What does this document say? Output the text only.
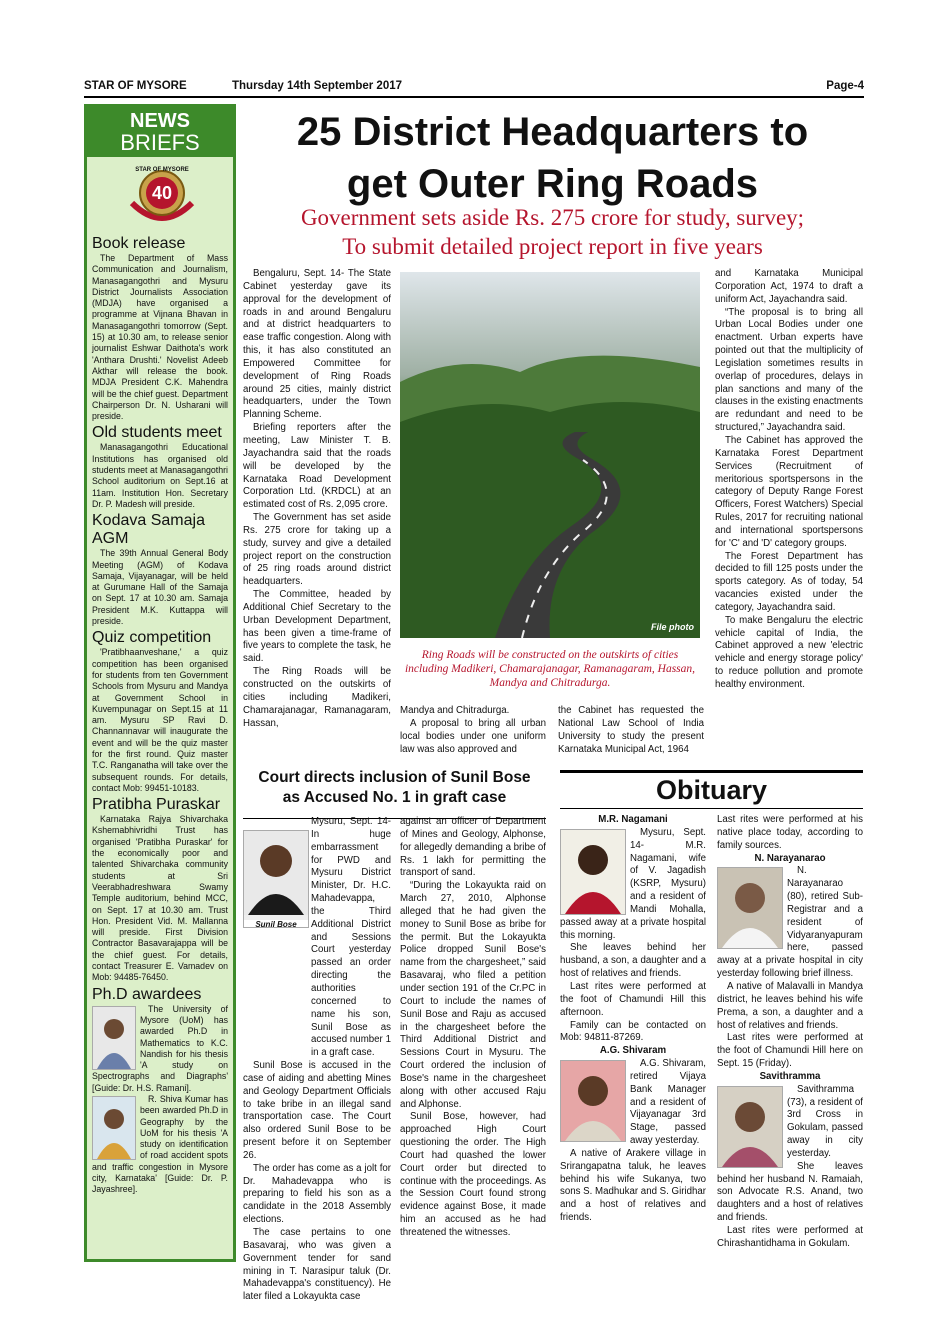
STAR OF MYSORE	Thursday 14th September 2017	Page-4
NEWS
BRIEFS
STAR OF MYSORE
40
Book release

The Department of Mass Communication and Journalism, Manasagangothri and Mysuru District Journalists Association (MDJA) have organised a programme at Vijnana Bhavan in Manasagangothri tomorrow (Sept. 15) at 10.30 am, to release senior journalist Eshwar Daithota's work 'Anthara Drushti.' Novelist Adeeb Akthar will release the book. MDJA President C.K. Mahendra will be the chief guest. Department Chairperson Dr. N. Usharani will preside.

Old students meet

Manasagangothri Educational Institutions has organised old students meet at Manasagangothri School auditorium on Sept.16 at 11am. Institution Hon. Secretary Dr. P. Madesh will preside.

Kodava Samaja AGM

The 39th Annual General Body Meeting (AGM) of Kodava Samaja, Vijayanagar, will be held at Gurumane Hall of the Samaja on Sept. 17 at 10.30 am. Samaja President M.K. Kuttappa will preside.

Quiz competition

'Pratibhaanveshane,' a quiz competition has been organised for students from ten Government Schools from Mysuru and Mandya at Government School in Kuvempunagar on Sept.15 at 11 am. Mysuru SP Ravi D. Channannavar will inaugurate the event and will be the quiz master for the first round. Quiz master T.C. Ranganatha will take over the subsequent rounds. For details, contact Mob: 99451-10183.

Pratibha Puraskar

Karnataka Rajya Shivarchaka Kshemabhivridhi Trust has organised 'Pratibha Puraskar' for the economically poor and talented Shivarchaka community students at Sri Veerabhadreshwara Swamy Temple auditorium, behind MCC, on Sept. 17 at 10.30 am. Trust Hon. President Vid. M. Mallanna will preside. First Division Contractor Basavarajappa will be the chief guest. For details, contact Treasurer E. Vamadev on Mob: 94485-76450.

Ph.D awardees

The University of Mysore (UoM) has awarded Ph.D in Mathematics to K.C. Nandish for his thesis 'A study on Spectrographs and Diagraphs' [Guide: Dr. H.S. Ramani].

R. Shiva Kumar has been awarded Ph.D in Geography by the UoM for his thesis 'A study on identification of road accident spots and traffic congestion in Mysore city, Karnataka' [Guide: Dr. P. Jayashree].

25 District Headquarters to
get Outer Ring Roads
Government sets aside Rs. 275 crore for study, survey;
To submit detailed project report in five years

Bengaluru, Sept. 14- The State Cabinet yesterday gave its approval for the development of roads in and around Bengaluru and at district headquarters to ease traffic congestion. Along with this, it has also constituted an Empowered Committee for development of Ring Roads around 25 cities, mainly district headquarters, under the Town Planning Scheme.

Briefing reporters after the meeting, Law Minister T. B. Jayachandra said that the roads will be developed by the Karnataka Road Development Corporation Ltd. (KRDCL) at an estimated cost of Rs. 2,095 crore.

The Government has set aside Rs. 275 crore for taking up a study, survey and give a detailed project report on the construction of 25 ring roads around district headquarters.

The Committee, headed by Additional Chief Secretary to the Urban Development Department, has been given a time-frame of five years to complete the task, he said.

The Ring Roads will be constructed on the outskirts of cities including Madikeri, Chamarajanagar, Ramanagaram, Hassan,

File photo
Ring Roads will be constructed on the outskirts of cities including Madikeri, Chamarajanagar, Ramanagaram, Hassan, Mandya and Chitradurga.

Mandya and Chitradurga.

A proposal to bring all urban local bodies under one uniform law was also approved and

the Cabinet has requested the National Law School of India University to study the present Karnataka Municipal Act, 1964

and Karnataka Municipal Corporation Act, 1974 to draft a uniform Act, Jayachandra said.

“The proposal is to bring all Urban Local Bodies under one enactment. Urban experts have pointed out that the multiplicity of Legislation sometimes results in overlap of procedures, delays in plan sanctions and many of the clauses in the existing enactments are redundant and need to be structured,” Jayachandra said.

The Cabinet has approved the Karnataka Forest Department Services (Recruitment of meritorious sportspersons in the category of Deputy Range Forest Officers, Forest Watchers) Special Rules, 2017 for recruiting national and international sportspersons for 'C' and 'D' category groups.

The Forest Department has decided to fill 125 posts under the sports category. As of today, 54 vacancies existed under the category, Jayachandra said.

To make Bengaluru the electric vehicle capital of India, the Cabinet approved a new 'electric vehicle and energy storage policy' to reduce pollution and promote healthy environment.

Court directs inclusion of Sunil Bose
as Accused No. 1 in graft case
Sunil Bose

Mysuru, Sept. 14- In huge embarrassment for PWD and Mysuru District Minister, Dr. H.C. Mahadevappa, the Third Additional District and Sessions Court yesterday passed an order directing the authorities concerned to name his son, Sunil Bose as accused number 1 in a graft case.

Sunil Bose is accused in the case of aiding and abetting Mines and Geology Department Officials to take bribe in an illegal sand transportation case. The Court also ordered Sunil Bose to be present before it on September 26.

The order has come as a jolt for Dr. Mahadevappa who is preparing to field his son as a candidate in the 2018 Assembly elections.

The case pertains to one Basavaraj, who was given a Government tender for sand mining in T. Narasipur taluk (Dr. Mahadevappa's constituency). He later filed a Lokayukta case

against an officer of Department of Mines and Geology, Alphonse, for allegedly demanding a bribe of Rs. 1 lakh for permitting the transport of sand.

“During the Lokayukta raid on March 27, 2010, Alphonse alleged that he had given the money to Sunil Bose as bribe for the permit. But the Lokayukta Police dropped Sunil Bose's name from the chargesheet,” said Basavaraj, who filed a petition under section 191 of the Cr.PC in Court to include the names of Sunil Bose and Raju as accused in the chargesheet before the Third Additional District and Sessions Court in Mysuru. The Court ordered the inclusion of Bose's name in the chargesheet along with other accused Raju and Alphonse.

Sunil Bose, however, had approached High Court questioning the order. The High Court had quashed the lower Court order but directed to continue with the proceedings. As the Session Court found strong evidence against Bose, it made him an accused as he had threatened the witnesses.

Obituary
M.R. Nagamani

Mysuru, Sept. 14- M.R. Nagamani, wife of V. Jagadish (KSRP, Mysuru) and a resident of Mandi Mohalla, passed away at a private hospital this morning.

She leaves behind her husband, a son, a daughter and a host of relatives and friends.

Last rites were performed at the foot of Chamundi Hill this afternoon.

Family can be contacted on Mob: 94811-87269.

A.G. Shivaram

A.G. Shivaram, retired Vijaya Bank Manager and a resident of Vijayanagar 3rd Stage, passed away yesterday.

A native of Arakere village in Srirangapatna taluk, he leaves behind his wife Sukanya, two sons S. Madhukar and S. Giridhar and a host of relatives and friends.

Last rites were performed at his native place today, according to family sources.

N. Narayanarao

N. Narayanarao (80), retired Sub-Registrar and a resident of Vidyaranyapuram here, passed away at a private hospital in city yesterday following brief illness.

A native of Malavalli in Mandya district, he leaves behind his wife Prema, a son, a daughter and a host of relatives and friends.

Last rites were performed at the foot of Chamundi Hill here on Sept. 15 (Friday).

Savithramma

Savithramma (73), a resident of 3rd Cross in Gokulam, passed away in city yesterday.

She leaves behind her husband N. Ramaiah, son Advocate R.S. Anand, two daughters and a host of relatives and friends.

Last rites were performed at Chirashantidhama in Gokulam.
